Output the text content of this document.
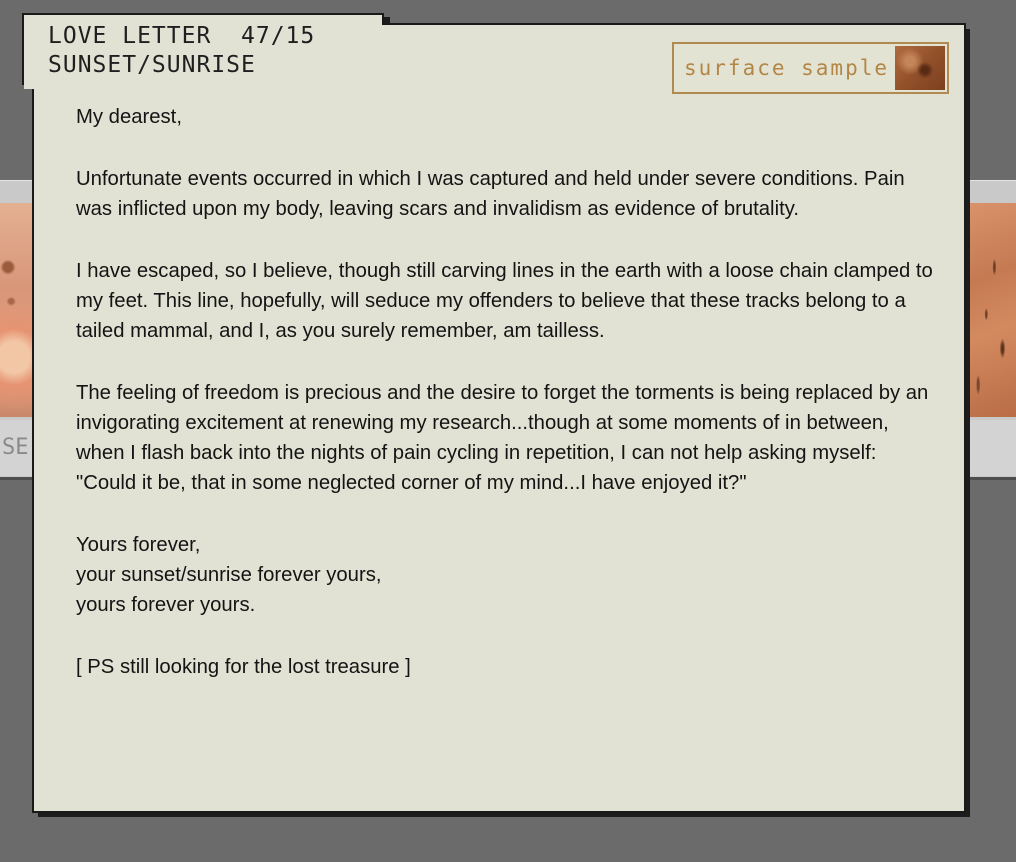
SE
LOVE LETTER  47/15
SUNSET/SUNRISE	surface sample

My dearest,

Unfortunate events occurred in which I was captured and held under severe conditions. Pain was inflicted upon my body, leaving scars and invalidism as evidence of brutality.

I have escaped, so I believe, though still carving lines in the earth with a loose chain clamped to my feet. This line, hopefully, will seduce my offenders to believe that these tracks belong to a tailed mammal, and I, as you surely remember, am tailless.

The feeling of freedom is precious and the desire to forget the torments is being replaced by an invigorating excitement at renewing my research...though at some moments of in between, when I flash back into the nights of pain cycling in repetition, I can not help asking myself: "Could it be, that in some neglected corner of my mind...I have enjoyed it?"

Yours forever,

your sunset/sunrise forever yours,

yours forever yours.

[ PS still looking for the lost treasure ]
